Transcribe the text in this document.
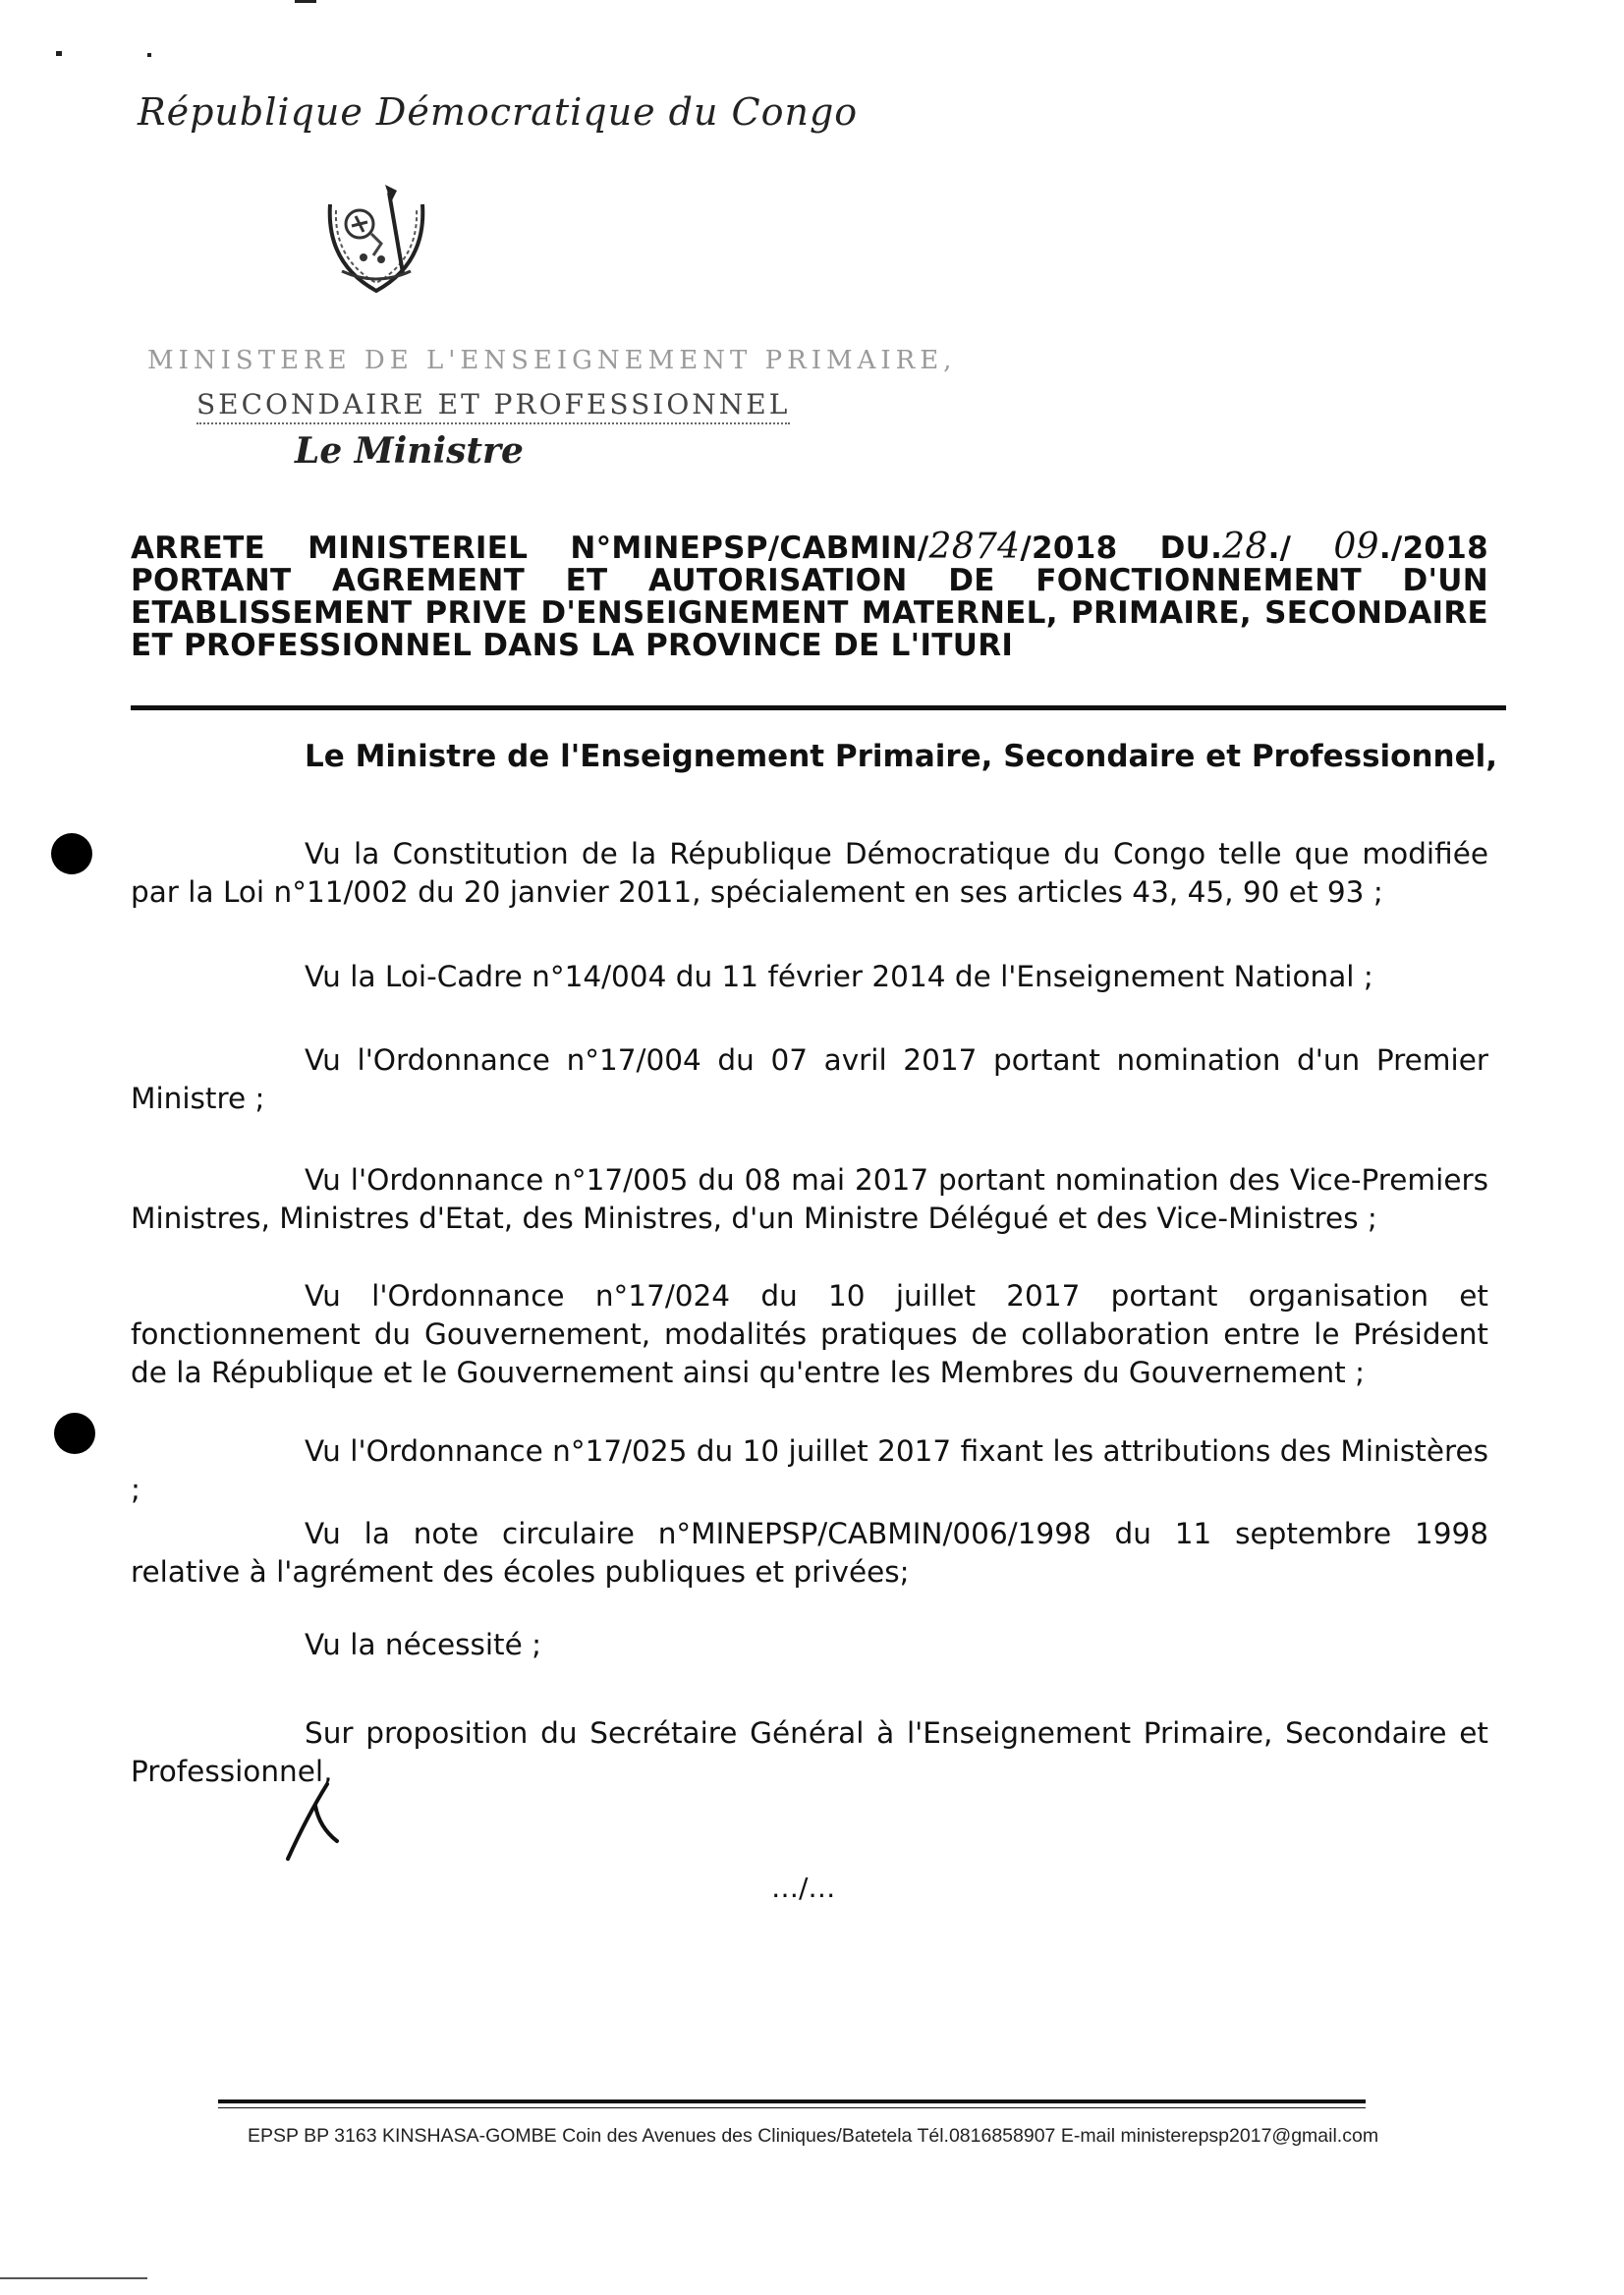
République Démocratique du Congo
MINISTERE DE L'ENSEIGNEMENT PRIMAIRE,
SECONDAIRE ET PROFESSIONNEL
Le Ministre
ARRETE MINISTERIEL N°MINEPSP/CABMIN/2874/2018 DU.28./ 09./2018
PORTANT AGREMENT ET AUTORISATION DE FONCTIONNEMENT D'UN
ETABLISSEMENT PRIVE D'ENSEIGNEMENT MATERNEL, PRIMAIRE, SECONDAIRE
ET PROFESSIONNEL DANS LA PROVINCE DE L'ITURI
Le Ministre de l'Enseignement Primaire, Secondaire et Professionnel,
Vu la Constitution de la République Démocratique du Congo telle que modifiée par la Loi n°11/002 du 20 janvier 2011, spécialement en ses articles 43, 45, 90 et 93 ;
Vu la Loi-Cadre n°14/004 du 11 février 2014 de l'Enseignement National ;
Vu l'Ordonnance n°17/004 du 07 avril 2017 portant nomination d'un Premier Ministre ;
Vu l'Ordonnance n°17/005 du 08 mai 2017 portant nomination des Vice-Premiers Ministres, Ministres d'Etat, des Ministres, d'un Ministre Délégué et des Vice-Ministres ;
Vu l'Ordonnance n°17/024 du 10 juillet 2017 portant organisation et fonctionnement du Gouvernement, modalités pratiques de collaboration entre le Président de la République et le Gouvernement ainsi qu'entre les Membres du Gouvernement ;
Vu l'Ordonnance n°17/025 du 10 juillet 2017 fixant les attributions des Ministères ;
Vu la note circulaire n°MINEPSP/CABMIN/006/1998 du 11 septembre 1998 relative à l'agrément des écoles publiques et privées;
Vu la nécessité ;
Sur proposition du Secrétaire Général à l'Enseignement Primaire, Secondaire et Professionnel,
…/…
EPSP BP 3163 KINSHASA-GOMBE Coin des Avenues des Cliniques/Batetela Tél.0816858907 E-mail ministerepsp2017@gmail.com
